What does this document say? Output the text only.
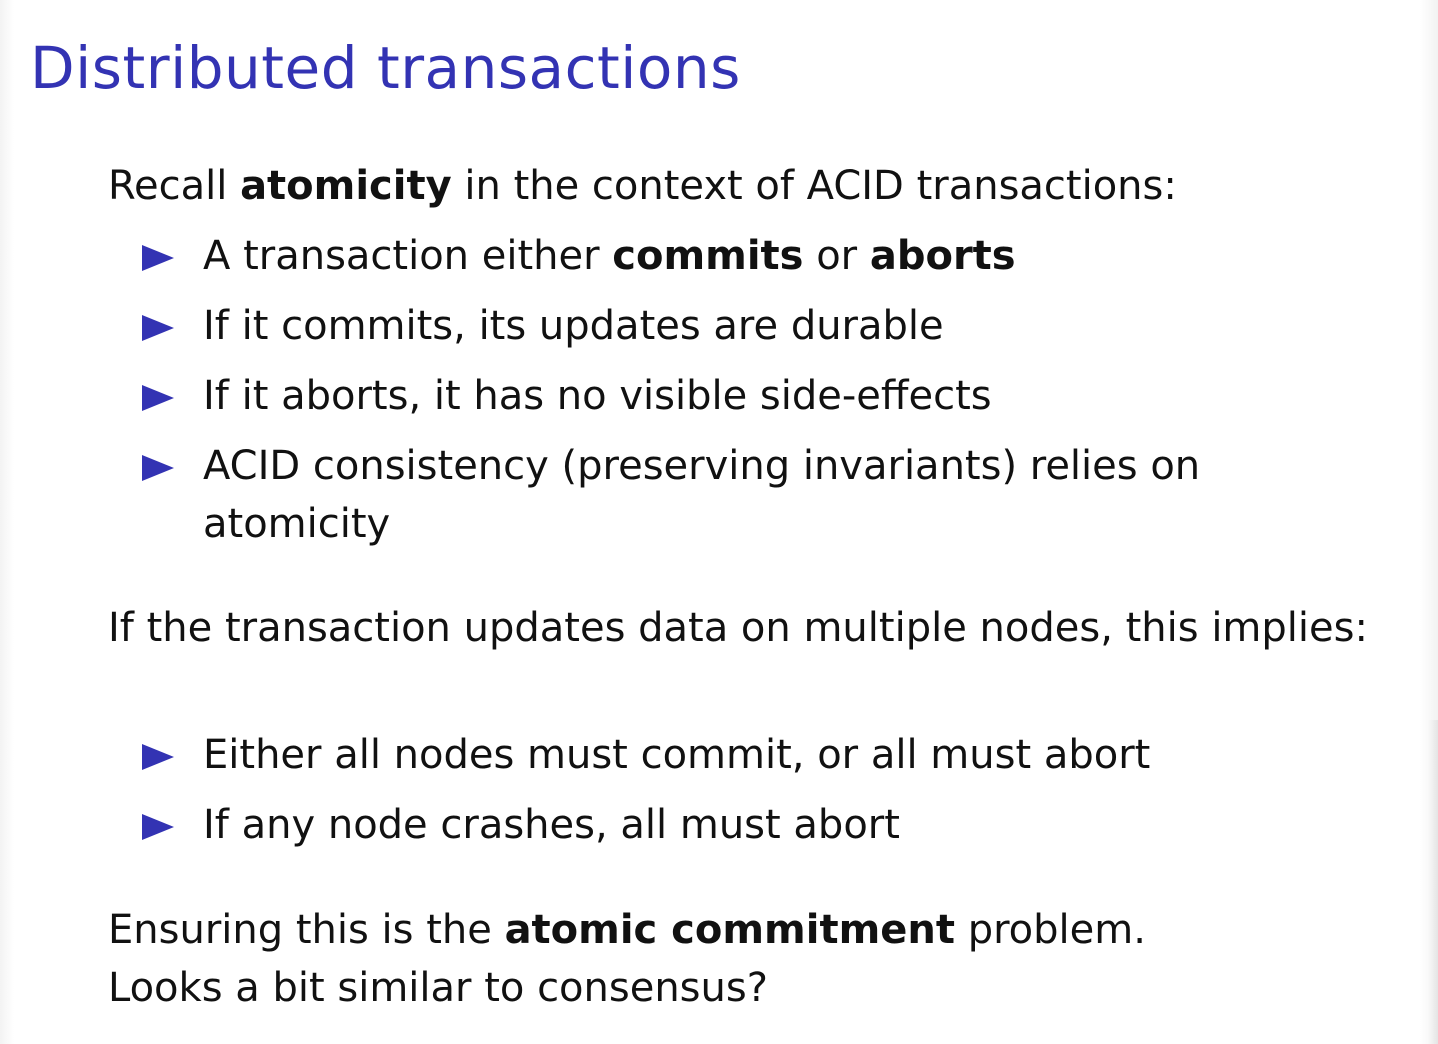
Distributed transactions
Recall atomicity in the context of ACID transactions:
A transaction either commits or aborts
If it commits, its updates are durable
If it aborts, it has no visible side-effects
ACID consistency (preserving invariants) relies on
atomicity
If the transaction updates data on multiple nodes, this implies:
Either all nodes must commit, or all must abort
If any node crashes, all must abort
Ensuring this is the atomic commitment problem.
Looks a bit similar to consensus?
